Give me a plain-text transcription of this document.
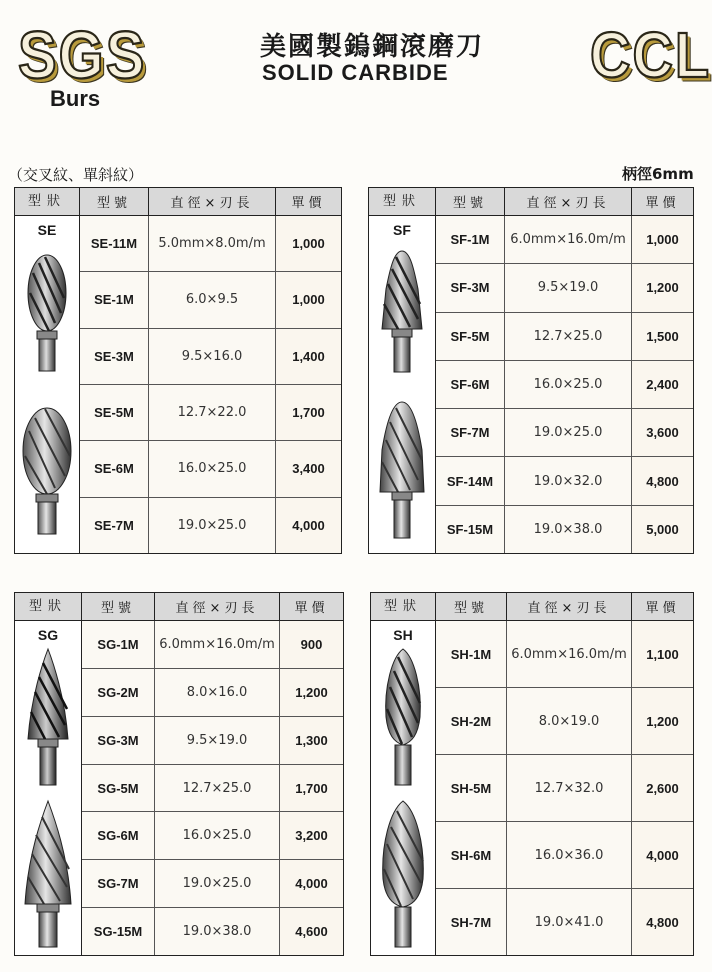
SGS
Burs
美國製鎢鋼滾磨刀
SOLID CARBIDE	CCL
（交叉紋、單斜紋）	柄徑6mm
型狀
SE
型號	直徑×刃長	單價
SE-11M	5.0mm×8.0m/m	1,000
SE-1M	6.0×9.5	1,000
SE-3M	9.5×16.0	1,400
SE-5M	12.7×22.0	1,700
SE-6M	16.0×25.0	3,400
SE-7M	19.0×25.0	4,000
型狀
SF
型號	直徑×刃長	單價
SF-1M	6.0mm×16.0m/m	1,000
SF-3M	9.5×19.0	1,200
SF-5M	12.7×25.0	1,500
SF-6M	16.0×25.0	2,400
SF-7M	19.0×25.0	3,600
SF-14M	19.0×32.0	4,800
SF-15M	19.0×38.0	5,000
型狀
SG
型號	直徑×刃長	單價
SG-1M	6.0mm×16.0m/m	900
SG-2M	8.0×16.0	1,200
SG-3M	9.5×19.0	1,300
SG-5M	12.7×25.0	1,700
SG-6M	16.0×25.0	3,200
SG-7M	19.0×25.0	4,000
SG-15M	19.0×38.0	4,600
型狀
SH
型號	直徑×刃長	單價
SH-1M	6.0mm×16.0m/m	1,100
SH-2M	8.0×19.0	1,200
SH-5M	12.7×32.0	2,600
SH-6M	16.0×36.0	4,000
SH-7M	19.0×41.0	4,800
